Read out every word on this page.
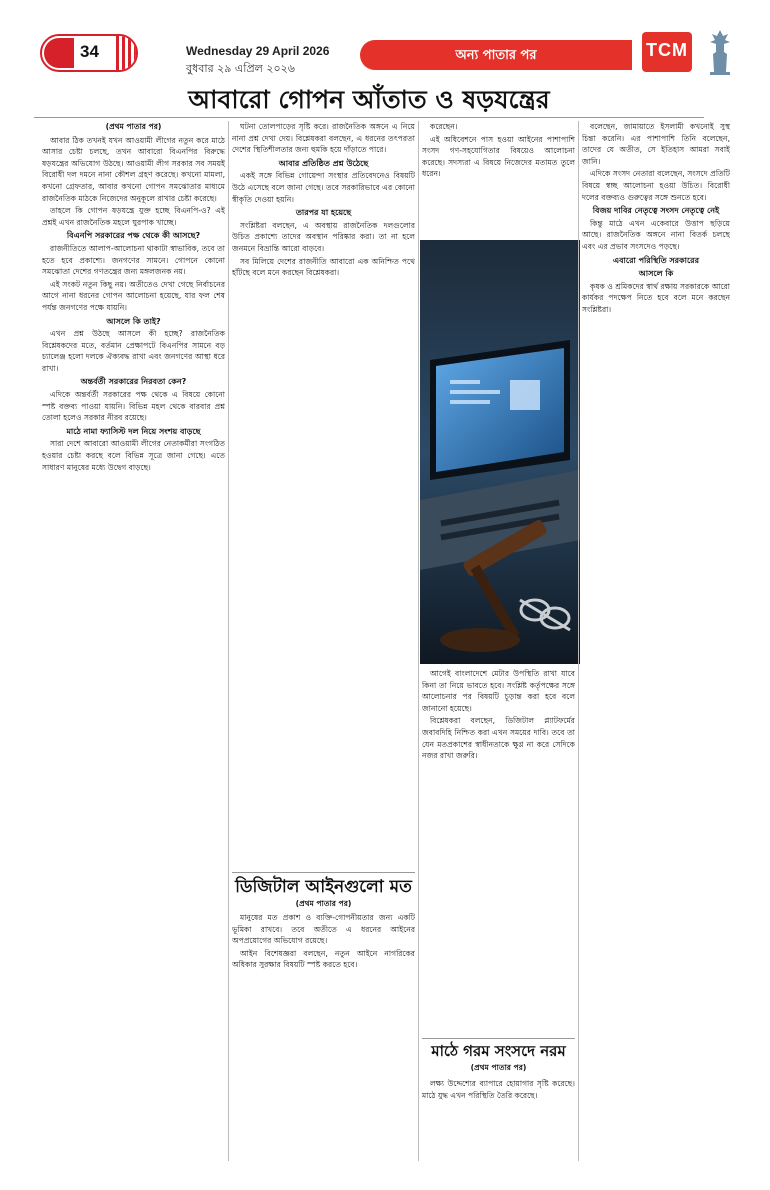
34	Wednesday 29 April 2026
বুধবার ২৯ এপ্রিল ২০২৬
অন্য পাতার পর	TCM
আবারো গোপন আঁতাত ও ষড়যন্ত্রের
(প্রথম পাতার পর)

আবার ঠিক তখনই যখন আওয়ামী লীগের নতুন করে মাঠে আসার চেষ্টা চলছে, তখন আবারো বিএনপির বিরুদ্ধে ষড়যন্ত্রের অভিযোগ উঠছে। আওয়ামী লীগ সরকার সব সময়ই বিরোধী দল দমনে নানা কৌশল গ্রহণ করেছে। কখনো মামলা, কখনো গ্রেফতার, আবার কখনো গোপন সমঝোতার মাধ্যমে রাজনৈতিক মাঠকে নিজেদের অনুকূলে রাখার চেষ্টা করেছে।

তাহলে কি গোপন ষড়যন্ত্রে যুক্ত হচ্ছে বিএনপি-ও? এই প্রশ্নই এখন রাজনৈতিক মহলে ঘুরপাক খাচ্ছে।

বিএনপি সরকারের পক্ষ থেকে কী আসছে?

রাজনীতিতে আলাপ-আলোচনা থাকাটা স্বাভাবিক, তবে তা হতে হবে প্রকাশ্যে। জনগণের সামনে। গোপনে কোনো সমঝোতা দেশের গণতন্ত্রের জন্য মঙ্গলজনক নয়।

এই সংকট নতুন কিছু নয়। অতীতেও দেখা গেছে নির্বাচনের আগে নানা ধরনের গোপন আলোচনা হয়েছে, যার ফল শেষ পর্যন্ত জনগণের পক্ষে যায়নি।

আসলে কি তাই?

এখন প্রশ্ন উঠছে আসলে কী হচ্ছে? রাজনৈতিক বিশ্লেষকদের মতে, বর্তমান প্রেক্ষাপটে বিএনপির সামনে বড় চ্যালেঞ্জ হলো দলকে ঐক্যবদ্ধ রাখা এবং জনগণের আস্থা ধরে রাখা।

অন্তর্বর্তী সরকারের নিরবতা কেন?

এদিকে অন্তর্বর্তী সরকারের পক্ষ থেকে এ বিষয়ে কোনো স্পষ্ট বক্তব্য পাওয়া যায়নি। বিভিন্ন মহল থেকে বারবার প্রশ্ন তোলা হলেও সরকার নীরব রয়েছে।

মাঠে নামা ফ্যাসিস্ট দল নিয়ে সংশয় বাড়ছে

সারা দেশে আবারো আওয়ামী লীগের নেতাকর্মীরা সংগঠিত হওয়ার চেষ্টা করছে বলে বিভিন্ন সূত্রে জানা গেছে। এতে সাধারণ মানুষের মধ্যে উদ্বেগ বাড়ছে।

ঘটনা তোলপাড়ের সৃষ্টি করে। রাজনৈতিক অঙ্গনে এ নিয়ে নানা প্রশ্ন দেখা দেয়। বিশ্লেষকরা বলছেন, এ ধরনের তৎপরতা দেশের স্থিতিশীলতার জন্য হুমকি হয়ে দাঁড়াতে পারে।

আবার প্রতিষ্ঠিত প্রশ্ন উঠেছে

একই সঙ্গে বিভিন্ন গোয়েন্দা সংস্থার প্রতিবেদনেও বিষয়টি উঠে এসেছে বলে জানা গেছে। তবে সরকারিভাবে এর কোনো স্বীকৃতি দেওয়া হয়নি।

তারপর যা হয়েছে

সংশ্লিষ্টরা বলছেন, এ অবস্থায় রাজনৈতিক দলগুলোর উচিত প্রকাশ্যে তাদের অবস্থান পরিষ্কার করা। তা না হলে জনমনে বিভ্রান্তি আরো বাড়বে।

সব মিলিয়ে দেশের রাজনীতি আবারো এক অনিশ্চিত পথে হাঁটছে বলে মনে করছেন বিশ্লেষকরা।

ডিজিটাল আইনগুলো মত
(প্রথম পাতার পর)

মানুষের মত প্রকাশ ও ব্যক্তি-গোপনীয়তার জন্য একটি ভূমিকা রাখবে। তবে অতীতে এ ধরনের আইনের অপপ্রয়োগের অভিযোগ রয়েছে।

আইন বিশেষজ্ঞরা বলছেন, নতুন আইনে নাগরিকের অধিকার সুরক্ষার বিষয়টি স্পষ্ট করতে হবে।

করেছেন।

এই অধিবেশনে পাস হওয়া আইনের পাশাপাশি সংসদ গণ-সহযোগিতার বিষয়েও আলোচনা করেছে। সদস্যরা এ বিষয়ে নিজেদের মতামত তুলে ধরেন।

আগেই বাংলাদেশে মেটার উপস্থিতি রাখা যাবে কিনা তা নিয়ে ভাবতে হবে। সংশ্লিষ্ট কর্তৃপক্ষের সঙ্গে আলোচনার পর বিষয়টি চূড়ান্ত করা হবে বলে জানানো হয়েছে।

বিশ্লেষকরা বলছেন, ডিজিটাল প্ল্যাটফর্মের জবাবদিহি নিশ্চিত করা এখন সময়ের দাবি। তবে তা যেন মতপ্রকাশের স্বাধীনতাকে ক্ষুণ্ণ না করে সেদিকে নজর রাখা জরুরি।

মাঠে গরম সংসদে নরম
(প্রথম পাতার পর)

লক্ষ্য উদ্দেশ্যের ব্যাপারে হোয়াগার সৃষ্টি করেছে। মাঠে যুদ্ধ এখন পরিস্থিতি তৈরি করেছে।

বলেছেন, জামায়াতে ইসলামী কখনোই সুস্থ চিন্তা করেনি। এর পাশাপাশি তিনি বলেছেন, তাদের যে অতীত, সে ইতিহাস আমরা সবাই জানি।

এদিকে সংসদ নেতারা বলেছেন, সংসদে প্রতিটি বিষয়ে স্বচ্ছ আলোচনা হওয়া উচিত। বিরোধী দলের বক্তব্যও গুরুত্বের সঙ্গে শুনতে হবে।

বিজয় দাবির নেতৃত্বে সংসদ নেতৃত্বে নেই

কিন্তু মাঠে এখন একেবারে উত্তাপ ছড়িয়ে আছে। রাজনৈতিক অঙ্গনে নানা বিতর্ক চলছে এবং এর প্রভাব সংসদেও পড়ছে।

এবারো পরিস্থিতি সরকারের
আসলে কি

কৃষক ও শ্রমিকদের স্বার্থ রক্ষায় সরকারকে আরো কার্যকর পদক্ষেপ নিতে হবে বলে মনে করছেন সংশ্লিষ্টরা।
